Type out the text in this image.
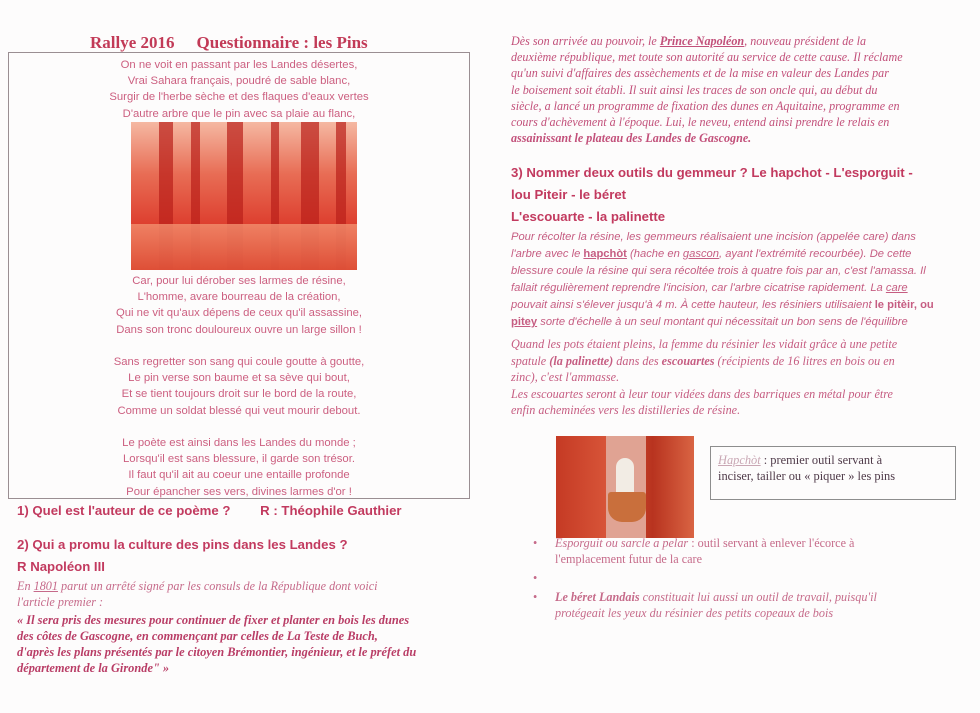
Rallye 2016 Questionnaire : les Pins
On ne voit en passant par les Landes désertes,
Vrai Sahara français, poudré de sable blanc,
Surgir de l'herbe sèche et des flaques d'eaux vertes
D'autre arbre que le pin avec sa plaie au flanc,
Car, pour lui dérober ses larmes de résine,
L'homme, avare bourreau de la création,
Qui ne vit qu'aux dépens de ceux qu'il assassine,
Dans son tronc douloureux ouvre un large sillon !
Sans regretter son sang qui coule goutte à goutte,
Le pin verse son baume et sa sève qui bout,
Et se tient toujours droit sur le bord de la route,
Comme un soldat blessé qui veut mourir debout.
Le poète est ainsi dans les Landes du monde ;
Lorsqu'il est sans blessure, il garde son trésor.
Il faut qu'il ait au coeur une entaille profonde
Pour épancher ses vers, divines larmes d'or !
1) Quel est l'auteur de ce poème ? R : Théophile Gauthier
2) Qui a promu la culture des pins dans les Landes ?
R Napoléon III
En 1801 parut un arrêté signé par les consuls de la République dont voici
l'article premier :
« Il sera pris des mesures pour continuer de fixer et planter en bois les dunes
des côtes de Gascogne, en commençant par celles de La Teste de Buch,
d'après les plans présentés par le citoyen Brémontier, ingénieur, et le préfet du
département de la Gironde" »
Dès son arrivée au pouvoir, le Prince Napoléon, nouveau président de la
deuxième république, met toute son autorité au service de cette cause. Il réclame
qu'un suivi d'affaires des assèchements et de la mise en valeur des Landes par
le boisement soit établi. Il suit ainsi les traces de son oncle qui, au début du
siècle, a lancé un programme de fixation des dunes en Aquitaine, programme en
cours d'achèvement à l'époque. Lui, le neveu, entend ainsi prendre le relais en
assainissant le plateau des Landes de Gascogne.
3) Nommer deux outils du gemmeur ? Le hapchot - L'esporguit -
lou Piteir - le béret
L'escouarte - la palinette
Pour récolter la résine, les gemmeurs réalisaient une incision (appelée care) dans
l'arbre avec le hapchòt (hache en gascon, ayant l'extrémité recourbée). De cette
blessure coule la résine qui sera récoltée trois à quatre fois par an, c'est l'amassa. Il
fallait régulièrement reprendre l'incision, car l'arbre cicatrise rapidement. La care
pouvait ainsi s'élever jusqu'à 4 m. À cette hauteur, les résiniers utilisaient le pitèir, ou
pitey sorte d'échelle à un seul montant qui nécessitait un bon sens de l'équilibre
Quand les pots étaient pleins, la femme du résinier les vidait grâce à une petite
spatule (la palinette) dans des escouartes (récipients de 16 litres en bois ou en
zinc), c'est l'ammasse.
Les escouartes seront à leur tour vidées dans des barriques en métal pour être
enfin acheminées vers les distilleries de résine.
Hapchòt : premier outil servant à
inciser, tailler ou « piquer » les pins
• Esporguit ou sarcle a pelar : outil servant à enlever l'écorce à
l'emplacement futur de la care
•
• Le béret Landais constituait lui aussi un outil de travail, puisqu'il
protégeait les yeux du résinier des petits copeaux de bois
